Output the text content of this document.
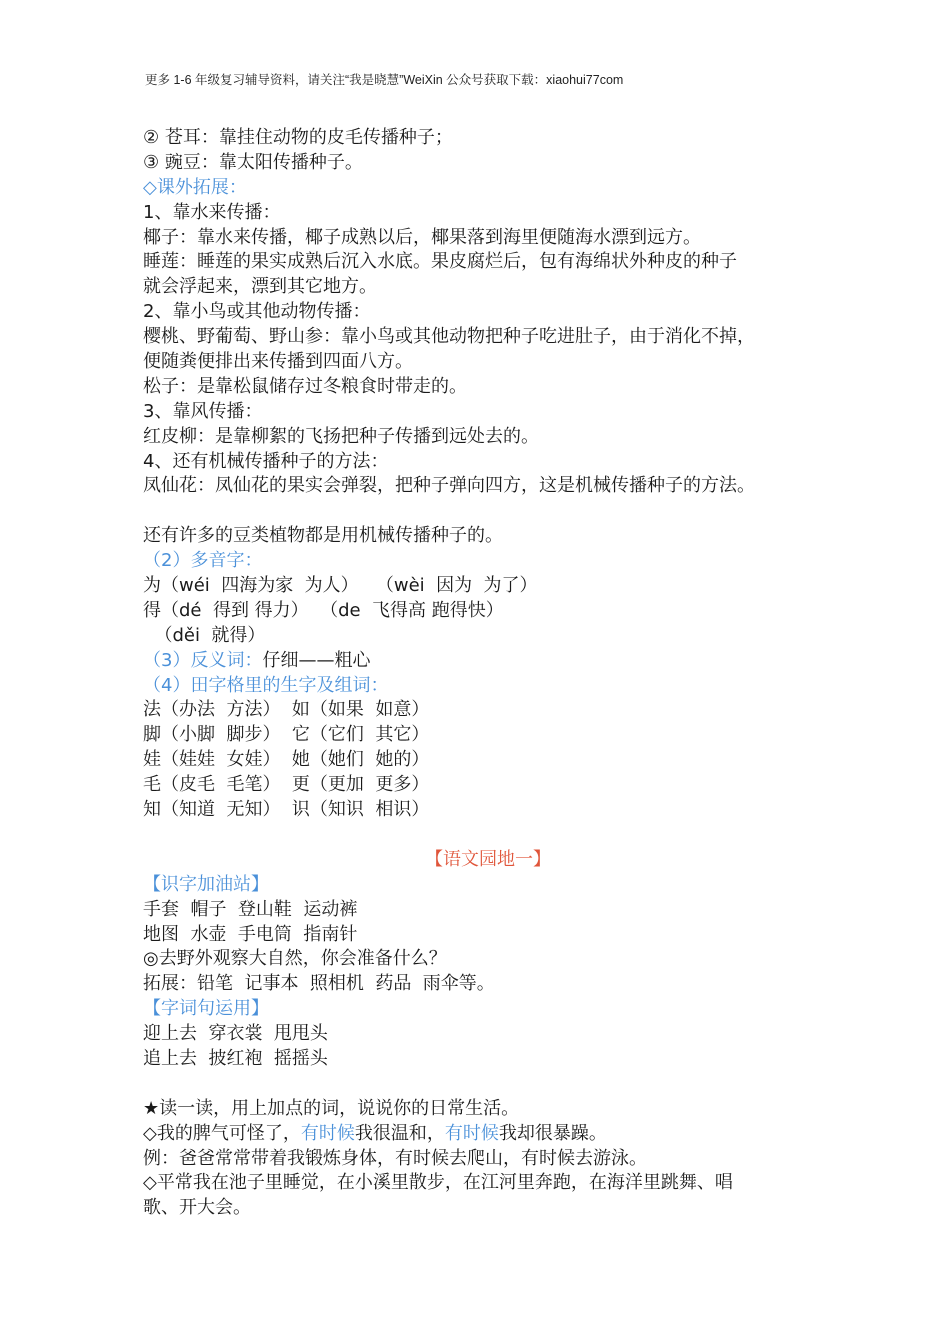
更多 1-6 年级复习辅导资料，请关注“我是晓慧”WeiXin 公众号获取下载：xiaohui77com
② 苍耳：靠挂住动物的皮毛传播种子；
③ 豌豆：靠太阳传播种子。
◇课外拓展：
1、靠水来传播：
椰子：靠水来传播，椰子成熟以后，椰果落到海里便随海水漂到远方。
睡莲：睡莲的果实成熟后沉入水底。果皮腐烂后，包有海绵状外种皮的种子
就会浮起来，漂到其它地方。
2、靠小鸟或其他动物传播：
樱桃、野葡萄、野山参：靠小鸟或其他动物把种子吃进肚子，由于消化不掉，
便随粪便排出来传播到四面八方。
松子：是靠松鼠储存过冬粮食时带走的。
3、靠风传播：
红皮柳：是靠柳絮的飞扬把种子传播到远处去的。
4、还有机械传播种子的方法：
凤仙花：凤仙花的果实会弹裂，把种子弹向四方，这是机械传播种子的方法。
还有许多的豆类植物都是用机械传播种子的。
（2）多音字：
为（wéi  四海为家  为人）   （wèi  因为  为了）
得（dé  得到 得力）  （de  飞得高 跑得快）
（děi  就得）
（3）反义词：仔细——粗心
（4）田字格里的生字及组词：
法（办法  方法）  如（如果  如意）
脚（小脚  脚步）  它（它们  其它）
娃（娃娃  女娃）  她（她们  她的）
毛（皮毛  毛笔）  更（更加  更多）
知（知道  无知）  识（知识  相识）
【语文园地一】
【识字加油站】
手套  帽子  登山鞋  运动裤
地图  水壶  手电筒  指南针
◎去野外观察大自然，你会准备什么？
拓展：铅笔  记事本  照相机  药品  雨伞等。
【字词句运用】
迎上去  穿衣裳  甩甩头
追上去  披红袍  摇摇头
★读一读，用上加点的词，说说你的日常生活。
◇我的脾气可怪了，有时候我很温和，有时候我却很暴躁。
例：爸爸常常带着我锻炼身体，有时候去爬山，有时候去游泳。
◇平常我在池子里睡觉，在小溪里散步，在江河里奔跑，在海洋里跳舞、唱
歌、开大会。
